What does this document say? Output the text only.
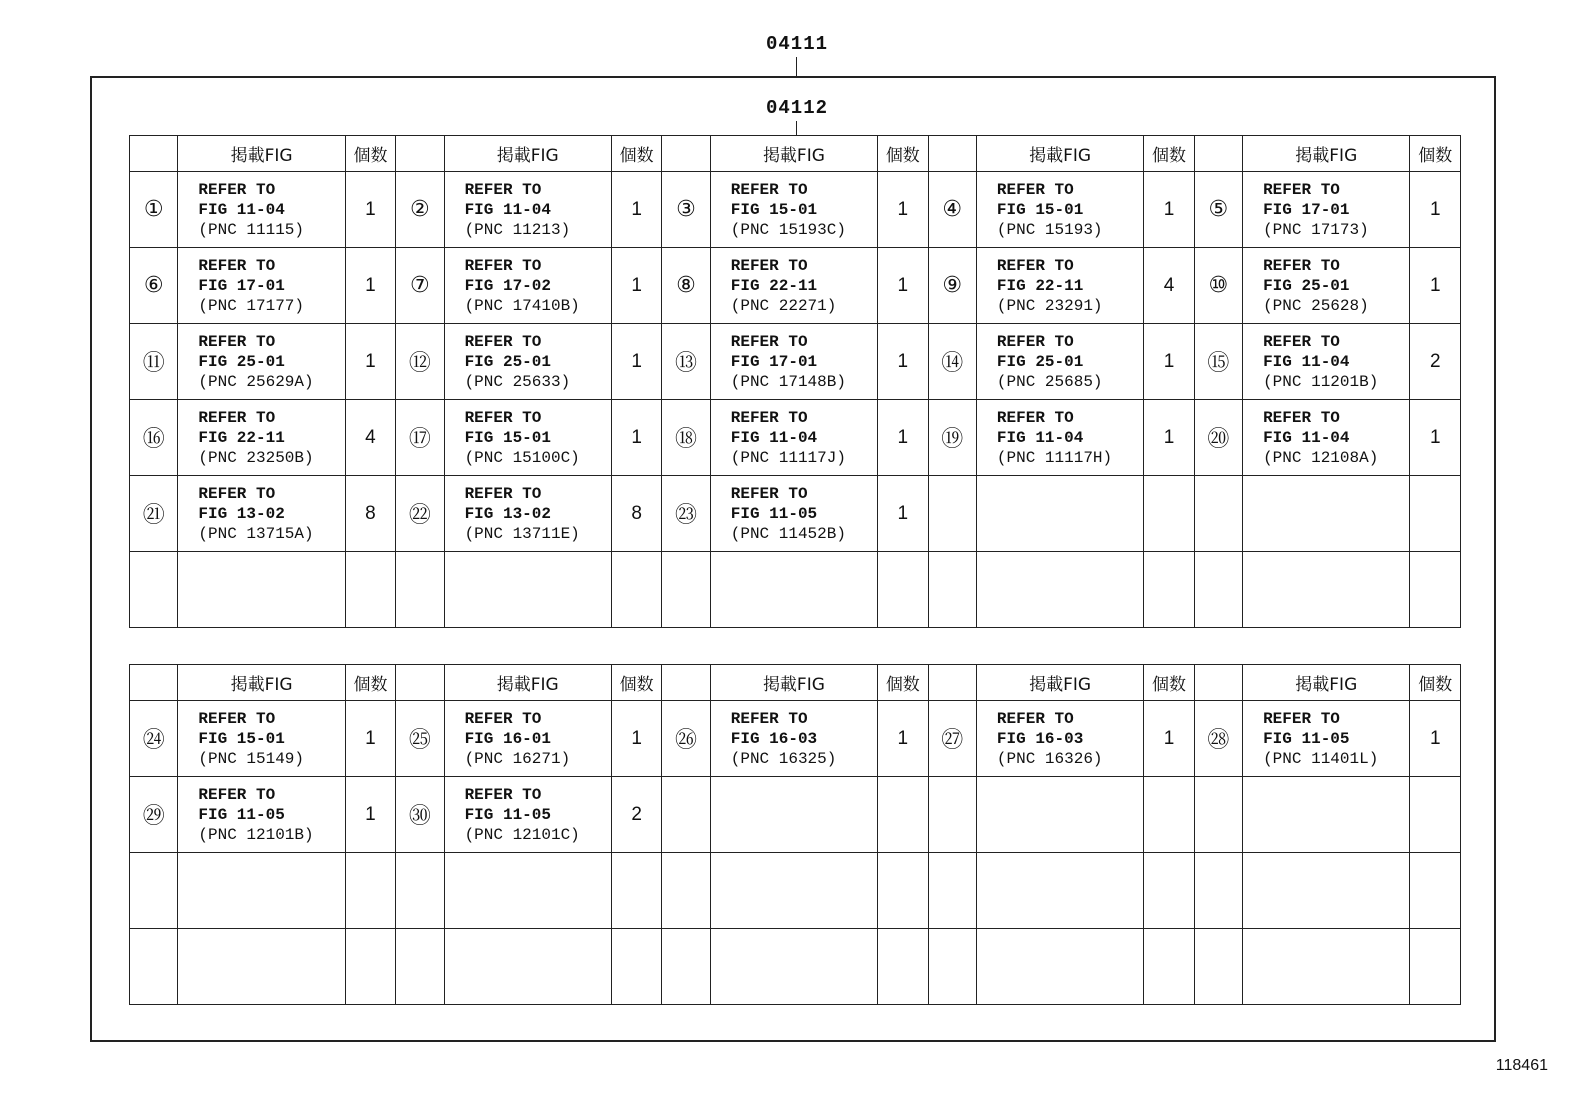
04111
04112
	掲載FIG	個数		掲載FIG	個数		掲載FIG	個数		掲載FIG	個数		掲載FIG	個数
①	REFER TO
FIG 11-04
(PNC 11115)	1	②	REFER TO
FIG 11-04
(PNC 11213)	1	③	REFER TO
FIG 15-01
(PNC 15193C)	1	④	REFER TO
FIG 15-01
(PNC 15193)	1	⑤	REFER TO
FIG 17-01
(PNC 17173)	1
⑥	REFER TO
FIG 17-01
(PNC 17177)	1	⑦	REFER TO
FIG 17-02
(PNC 17410B)	1	⑧	REFER TO
FIG 22-11
(PNC 22271)	1	⑨	REFER TO
FIG 22-11
(PNC 23291)	4	⑩	REFER TO
FIG 25-01
(PNC 25628)	1
⑪	REFER TO
FIG 25-01
(PNC 25629A)	1	⑫	REFER TO
FIG 25-01
(PNC 25633)	1	⑬	REFER TO
FIG 17-01
(PNC 17148B)	1	⑭	REFER TO
FIG 25-01
(PNC 25685)	1	⑮	REFER TO
FIG 11-04
(PNC 11201B)	2
⑯	REFER TO
FIG 22-11
(PNC 23250B)	4	⑰	REFER TO
FIG 15-01
(PNC 15100C)	1	⑱	REFER TO
FIG 11-04
(PNC 11117J)	1	⑲	REFER TO
FIG 11-04
(PNC 11117H)	1	⑳	REFER TO
FIG 11-04
(PNC 12108A)	1
㉑	REFER TO
FIG 13-02
(PNC 13715A)	8	㉒	REFER TO
FIG 13-02
(PNC 13711E)	8	㉓	REFER TO
FIG 11-05
(PNC 11452B)	1						

	掲載FIG	個数		掲載FIG	個数		掲載FIG	個数		掲載FIG	個数		掲載FIG	個数
㉔	REFER TO
FIG 15-01
(PNC 15149)	1	㉕	REFER TO
FIG 16-01
(PNC 16271)	1	㉖	REFER TO
FIG 16-03
(PNC 16325)	1	㉗	REFER TO
FIG 16-03
(PNC 16326)	1	㉘	REFER TO
FIG 11-05
(PNC 11401L)	1
㉙	REFER TO
FIG 11-05
(PNC 12101B)	1	㉚	REFER TO
FIG 11-05
(PNC 12101C)	2									

118461
